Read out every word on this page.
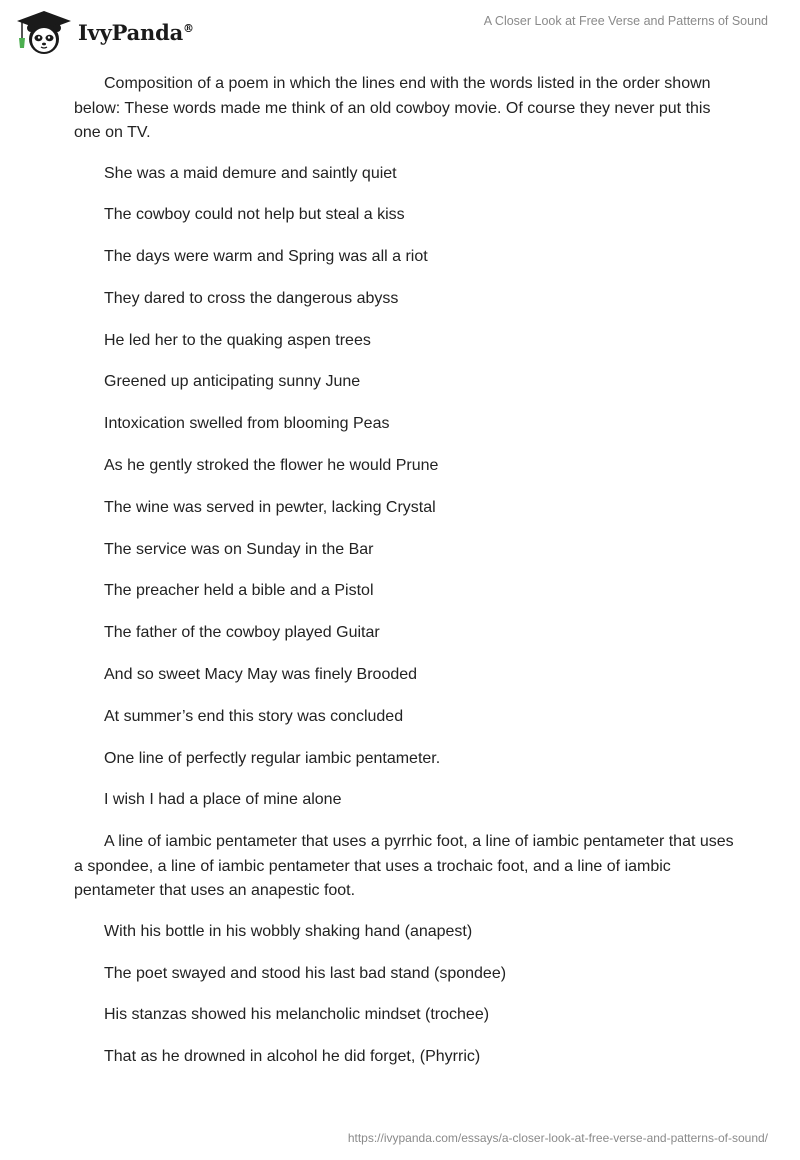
IvyPanda®	A Closer Look at Free Verse and Patterns of Sound

Composition of a poem in which the lines end with the words listed in the order shown below: These words made me think of an old cowboy movie. Of course they never put this one on TV.

She was a maid demure and saintly quiet

The cowboy could not help but steal a kiss

The days were warm and Spring was all a riot

They dared to cross the dangerous abyss

He led her to the quaking aspen trees

Greened up anticipating sunny June

Intoxication swelled from blooming Peas

As he gently stroked the flower he would Prune

The wine was served in pewter, lacking Crystal

The service was on Sunday in the Bar

The preacher held a bible and a Pistol

The father of the cowboy played Guitar

And so sweet Macy May was finely Brooded

At summer’s end this story was concluded

One line of perfectly regular iambic pentameter.

I wish I had a place of mine alone

A line of iambic pentameter that uses a pyrrhic foot, a line of iambic pentameter that uses a spondee, a line of iambic pentameter that uses a trochaic foot, and a line of iambic pentameter that uses an anapestic foot.

With his bottle in his wobbly shaking hand (anapest)

The poet swayed and stood his last bad stand (spondee)

His stanzas showed his melancholic mindset (trochee)

That as he drowned in alcohol he did forget, (Phyrric)

https://ivypanda.com/essays/a-closer-look-at-free-verse-and-patterns-of-sound/
